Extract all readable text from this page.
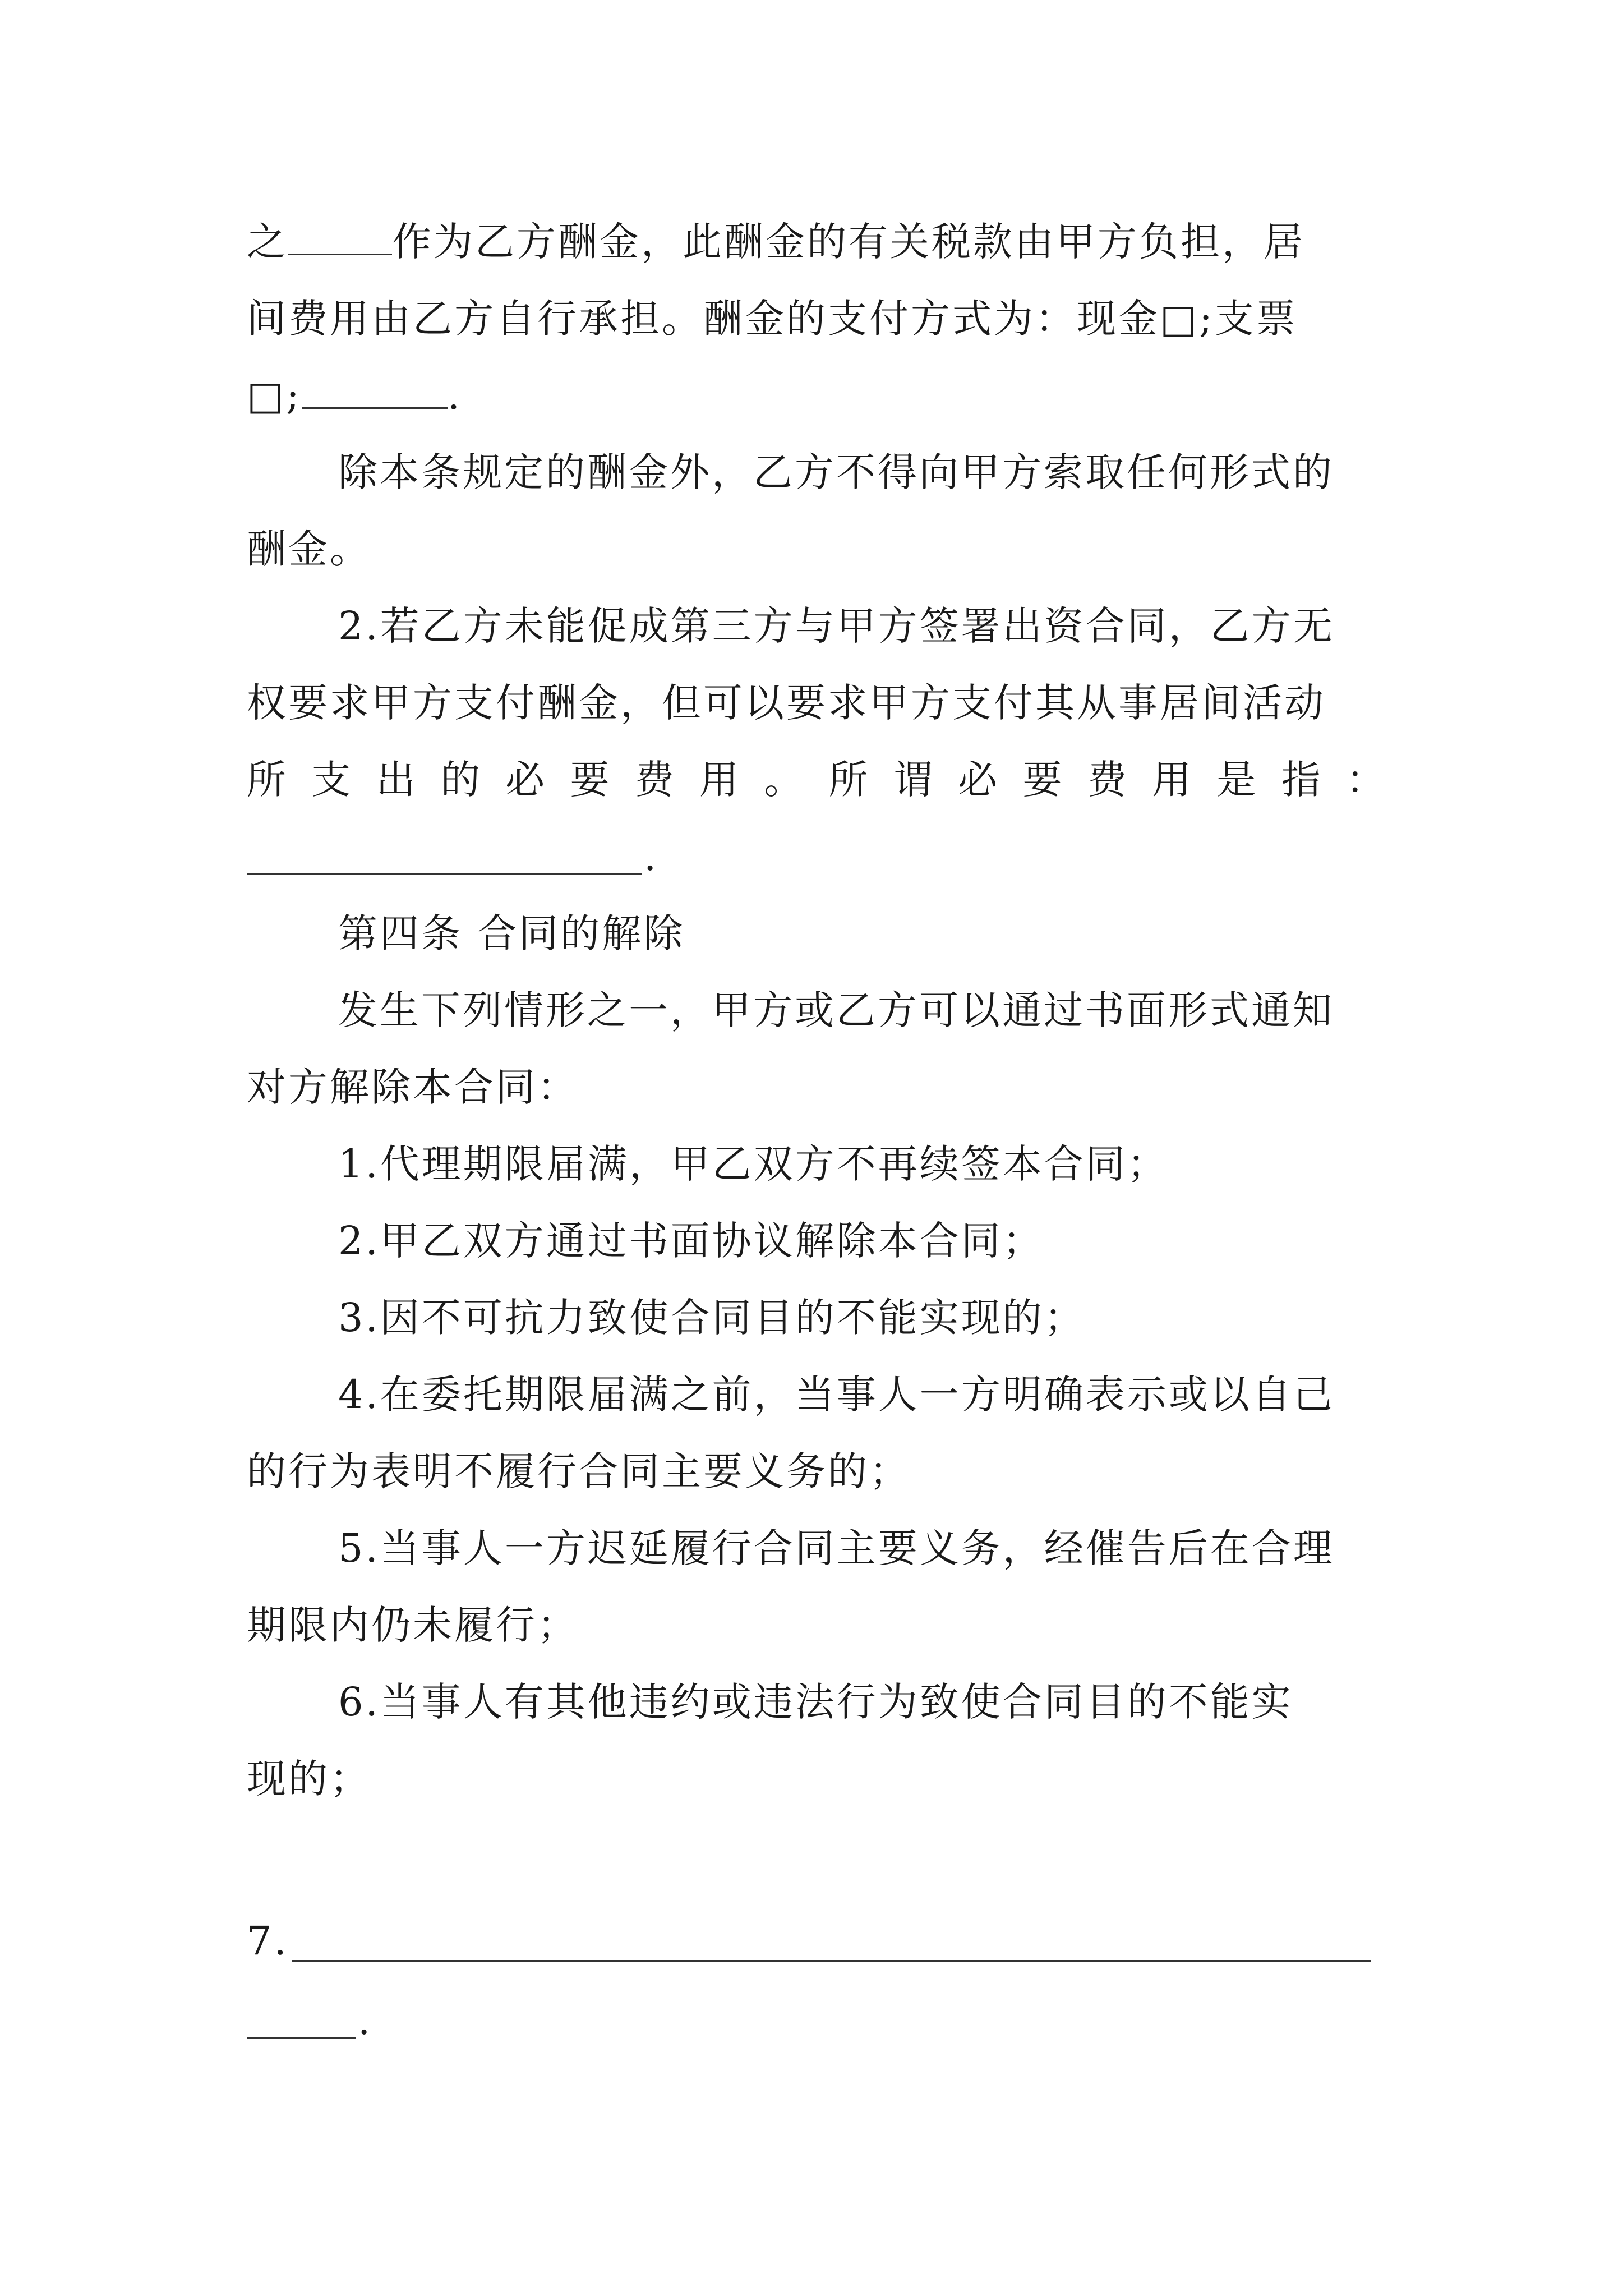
之	作为乙方酬金，此酬金的有关税款由甲方负担，居
间费用由乙方自行承担。酬金的支付方式为：现金□;支票
□;	.
除本条规定的酬金外，乙方不得向甲方索取任何形式的
酬金。
2.若乙方未能促成第三方与甲方签署出资合同，乙方无
权要求甲方支付酬金，但可以要求甲方支付其从事居间活动
所支出的必要费用。所谓必要费用是指：
.
第四条 合同的解除
发生下列情形之一，甲方或乙方可以通过书面形式通知
对方解除本合同：
1.代理期限届满，甲乙双方不再续签本合同；
2.甲乙双方通过书面协议解除本合同；
3.因不可抗力致使合同目的不能实现的；
4.在委托期限届满之前，当事人一方明确表示或以自己
的行为表明不履行合同主要义务的；
5.当事人一方迟延履行合同主要义务，经催告后在合理
期限内仍未履行；
6.当事人有其他违约或违法行为致使合同目的不能实
现的；
7.
.
